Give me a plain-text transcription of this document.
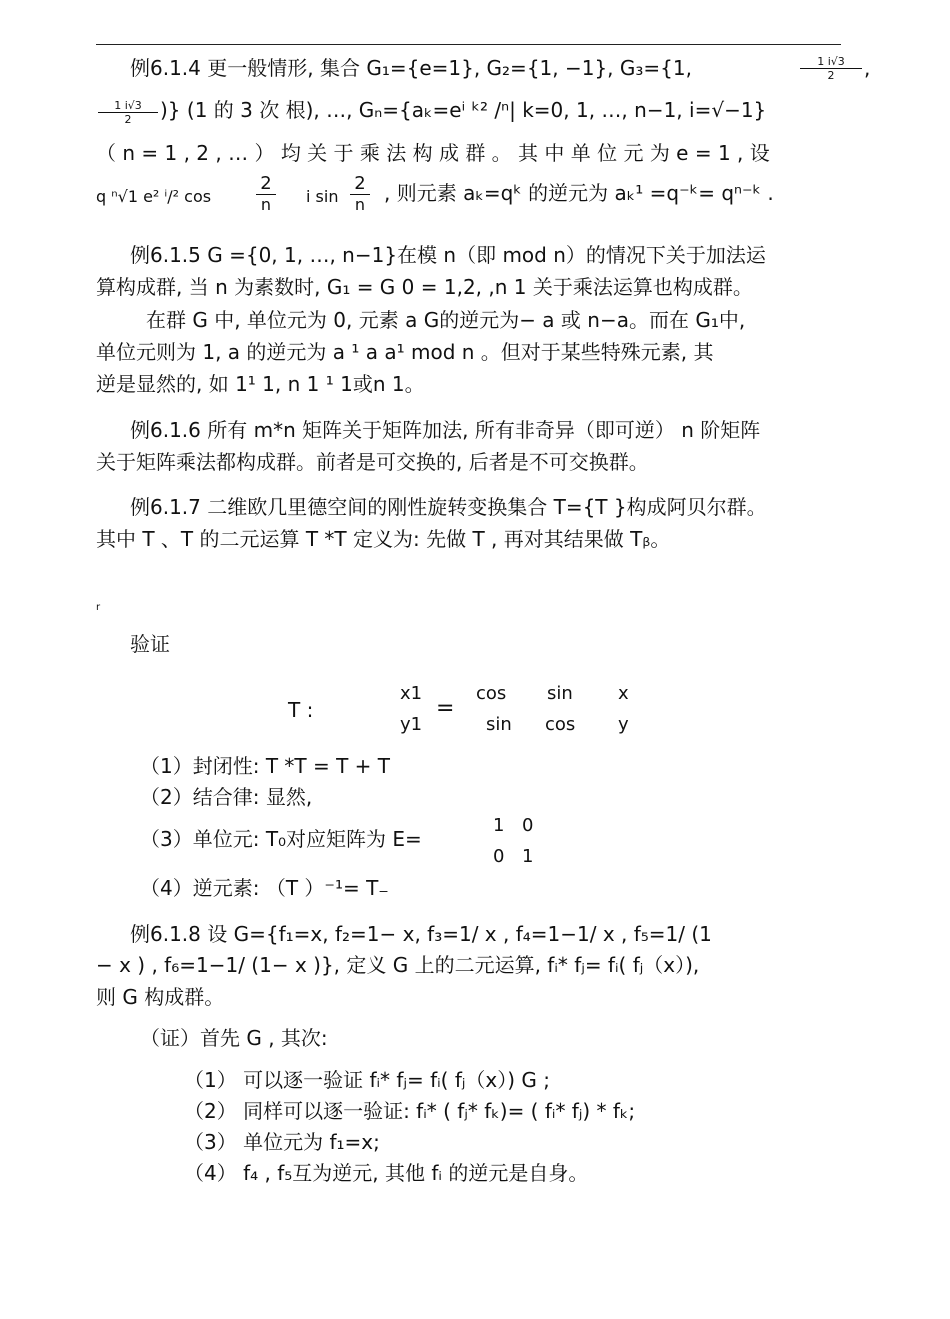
例6.1.4 更一般情形, 集合 G₁={e=1}, G₂={1, −1}, G₃={1,	1 i√3
2	,
1 i√3
2	)} (1 的 3 次 根), …, Gₙ={aₖ=eⁱ ᵏ² /ⁿ| k=0, 1, …, n−1, i=√−1}
（ n = 1 , 2 , … ） 均 关 于 乘 法 构 成 群 。 其 中 单 位 元 为 e = 1 , 设
q ⁿ√1 e² ⁱ/² cos
2
n	i sin
2
n , 则元素 aₖ=qᵏ 的逆元为 aₖ¹ =q⁻ᵏ= qⁿ⁻ᵏ .
例6.1.5 G ={0, 1, …, n−1}在模 n（即 mod n）的情况下关于加法运
算构成群, 当 n 为素数时, G₁ = G 0 = 1,2, ,n 1 关于乘法运算也构成群。
在群 G 中, 单位元为 0, 元素 a G的逆元为− a 或 n−a。而在 G₁中,
单位元则为 1, a 的逆元为 a ¹ a a¹ mod n 。但对于某些特殊元素, 其
逆是显然的, 如 1¹ 1, n 1 ¹ 1或n 1。
例6.1.6 所有 m*n 矩阵关于矩阵加法, 所有非奇异（即可逆） n 阶矩阵
关于矩阵乘法都构成群。前者是可交换的, 后者是不可交换群。
例6.1.7 二维欧几里德空间的刚性旋转变换集合 T={T }构成阿贝尔群。
其中 T 、T 的二元运算 T *T 定义为: 先做 T , 再对其结果做 Tᵦ。
r
验证
T :
x1
y1
=
cos sin
sin cos
x
y
（1）封闭性: T *T = T + T
（2）结合律: 显然,
（3）单位元: T₀对应矩阵为 E=
1 0
0 1
（4）逆元素: （T ）⁻¹= T₋
例6.1.8 设 G={f₁=x, f₂=1− x, f₃=1/ x , f₄=1−1/ x , f₅=1/ (1
− x ) , f₆=1−1/ (1− x )}, 定义 G 上的二元运算, fᵢ* fⱼ= fᵢ( fⱼ（x）),
则 G 构成群。
（证）首先 G , 其次:
（1） 可以逐一验证 fᵢ* fⱼ= fᵢ( fⱼ（x）) G ;
（2） 同样可以逐一验证: fᵢ* ( fⱼ* fₖ)= ( fᵢ* fⱼ) * fₖ;
（3） 单位元为 f₁=x;
（4） f₄ , f₅互为逆元, 其他 fᵢ 的逆元是自身。
